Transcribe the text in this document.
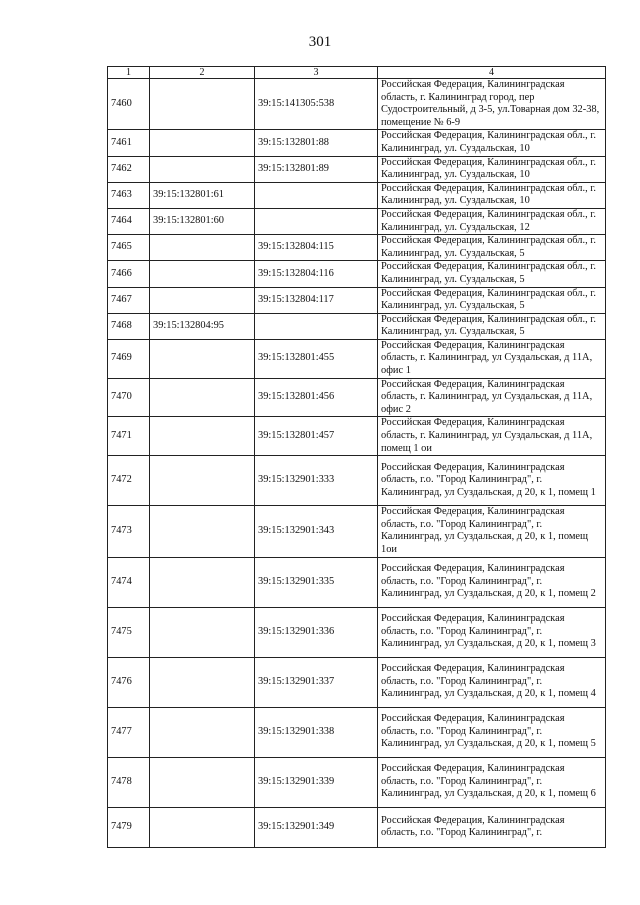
301
1	2	3	4
7460		39:15:141305:538	Российская Федерация, Калининградская область, г. Калининград город, пер Судостроительный, д 3-5, ул.Товарная дом 32-38, помещение № 6-9
7461		39:15:132801:88	Российская Федерация, Калининградская обл., г. Калининград, ул. Суздальская, 10
7462		39:15:132801:89	Российская Федерация, Калининградская обл., г. Калининград, ул. Суздальская, 10
7463	39:15:132801:61		Российская Федерация, Калининградская обл., г. Калининград, ул. Суздальская, 10
7464	39:15:132801:60		Российская Федерация, Калининградская обл., г. Калининград, ул. Суздальская, 12
7465		39:15:132804:115	Российская Федерация, Калининградская обл., г. Калининград, ул. Суздальская, 5
7466		39:15:132804:116	Российская Федерация, Калининградская обл., г. Калининград, ул. Суздальская, 5
7467		39:15:132804:117	Российская Федерация, Калининградская обл., г. Калининград, ул. Суздальская, 5
7468	39:15:132804:95		Российская Федерация, Калининградская обл., г. Калининград, ул. Суздальская, 5
7469		39:15:132801:455	Российская Федерация, Калининградская область, г. Калининград, ул Суздальская, д 11А, офис 1
7470		39:15:132801:456	Российская Федерация, Калининградская область, г. Калининград, ул Суздальская, д 11А, офис 2
7471		39:15:132801:457	Российская Федерация, Калининградская область, г. Калининград, ул Суздальская, д 11А, помещ 1 ои
7472		39:15:132901:333	Российская Федерация, Калининградская область, г.о. "Город Калининград", г. Калининград, ул Суздальская, д 20, к 1, помещ 1
7473		39:15:132901:343	Российская Федерация, Калининградская область, г.о. "Город Калининград", г. Калининград, ул Суздальская, д 20, к 1, помещ 1ои
7474		39:15:132901:335	Российская Федерация, Калининградская область, г.о. "Город Калининград", г. Калининград, ул Суздальская, д 20, к 1, помещ 2
7475		39:15:132901:336	Российская Федерация, Калининградская область, г.о. "Город Калининград", г. Калининград, ул Суздальская, д 20, к 1, помещ 3
7476		39:15:132901:337	Российская Федерация, Калининградская область, г.о. "Город Калининград", г. Калининград, ул Суздальская, д 20, к 1, помещ 4
7477		39:15:132901:338	Российская Федерация, Калининградская область, г.о. "Город Калининград", г. Калининград, ул Суздальская, д 20, к 1, помещ 5
7478		39:15:132901:339	Российская Федерация, Калининградская область, г.о. "Город Калининград", г. Калининград, ул Суздальская, д 20, к 1, помещ 6
7479		39:15:132901:349	Российская Федерация, Калининградская область, г.о. "Город Калининград", г.
